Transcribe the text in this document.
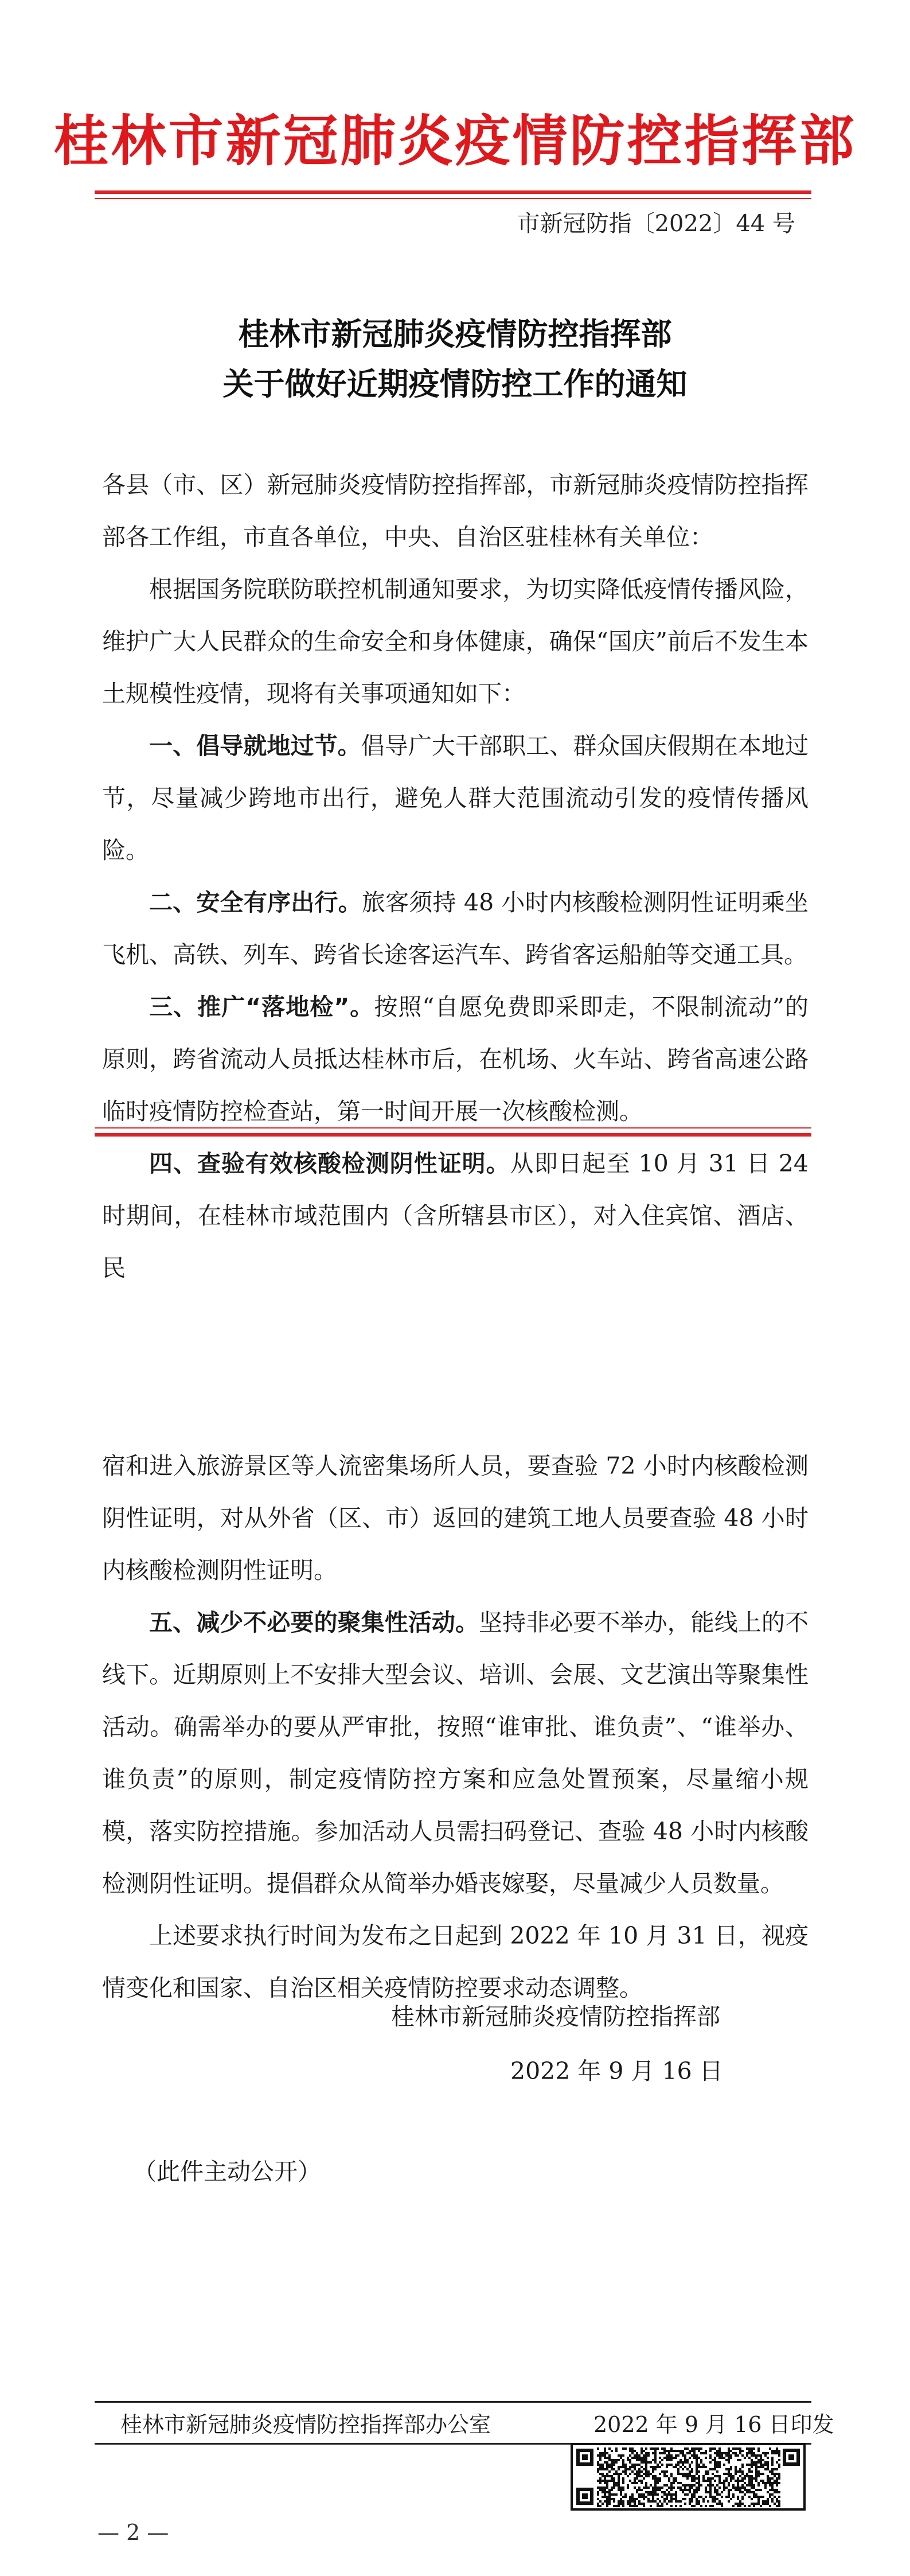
桂林市新冠肺炎疫情防控指挥部
市新冠防指〔2022〕44 号
桂林市新冠肺炎疫情防控指挥部
关于做好近期疫情防控工作的通知

各县（市、区）新冠肺炎疫情防控指挥部，市新冠肺炎疫情防控指挥部各工作组，市直各单位，中央、自治区驻桂林有关单位：

根据国务院联防联控机制通知要求，为切实降低疫情传播风险，维护广大人民群众的生命安全和身体健康，确保“国庆”前后不发生本土规模性疫情，现将有关事项通知如下：

一、倡导就地过节。倡导广大干部职工、群众国庆假期在本地过节，尽量减少跨地市出行，避免人群大范围流动引发的疫情传播风险。

二、安全有序出行。旅客须持 48 小时内核酸检测阴性证明乘坐飞机、高铁、列车、跨省长途客运汽车、跨省客运船舶等交通工具。

三、推广“落地检”。按照“自愿免费即采即走，不限制流动”的原则，跨省流动人员抵达桂林市后，在机场、火车站、跨省高速公路临时疫情防控检查站，第一时间开展一次核酸检测。

四、查验有效核酸检测阴性证明。从即日起至 10 月 31 日 24 时期间，在桂林市域范围内（含所辖县市区），对入住宾馆、酒店、民

宿和进入旅游景区等人流密集场所人员，要查验 72 小时内核酸检测阴性证明，对从外省（区、市）返回的建筑工地人员要查验 48 小时内核酸检测阴性证明。

五、减少不必要的聚集性活动。坚持非必要不举办，能线上的不线下。近期原则上不安排大型会议、培训、会展、文艺演出等聚集性活动。确需举办的要从严审批，按照“谁审批、谁负责”、“谁举办、谁负责”的原则，制定疫情防控方案和应急处置预案，尽量缩小规模，落实防控措施。参加活动人员需扫码登记、查验 48 小时内核酸检测阴性证明。提倡群众从简举办婚丧嫁娶，尽量减少人员数量。

上述要求执行时间为发布之日起到 2022 年 10 月 31 日，视疫情变化和国家、自治区相关疫情防控要求动态调整。

桂林市新冠肺炎疫情防控指挥部
2022 年 9 月 16 日
（此件主动公开）
桂林市新冠肺炎疫情防控指挥部办公室	2022 年 9 月 16 日印发
— 2 —
